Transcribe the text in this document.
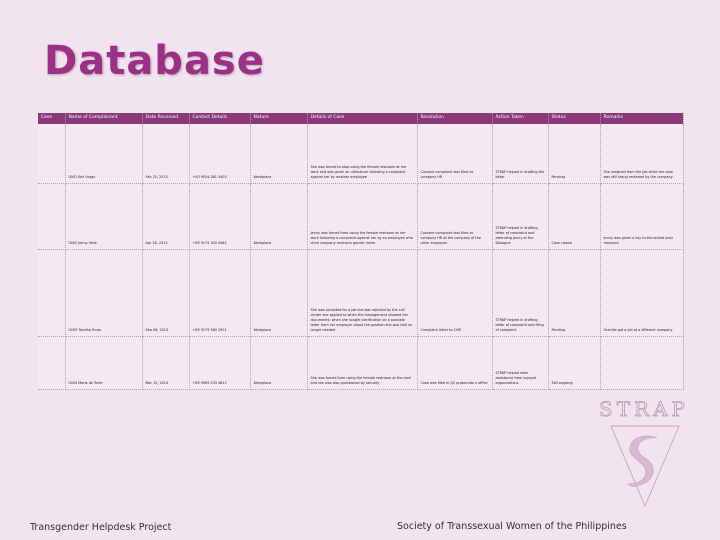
Database
Case	Name of Complainant	Date Received	Contact Details	Nature	Details of Case	Resolution	Action Taken	Status	Remarks
	0001 Bet Yvogs	Feb 25, 2013	+63 9054 081 5403	Workplace	She was forced to stop using the female restroom at her work and was given an ultimatum following a complaint against her by another employee	Consent complaint was filed at company HR	STRAP helped in drafting the letter	Pending	She resigned from the job while the case was still being reviewed by the company
	0002 Jenny Velix	Apr 18, 2013	+63 9175 340 4465	Workplace	Jenny was forced from using the female restroom at her work following a complaint against her by an employee who cited company restroom gender limits	Consent complaint was filed at company HR at the company of the other employee	STRAP helped in drafting letter of complaint and attending Jenny at the Dialogue	Case closed	Jenny was given a key to the locked pool restroom
	0003 Tannika Enzer	Sep 06, 2013	+63 9175 560 2901	Workplace	She was accepted for a job but was rejected by the call center she applied to when the management showed her documents; when she sought clarification on a possible letter from her employer about the position she was told no longer needed	Complaint letter to CHR	STRAP helped in drafting letter of complaint and filing of complaint	Pending	Grenilia got a job at a different company
	0004 Maria do Torre	Mar 15, 2014	+63 9069 233 4612	Workplace	She was forced from using the female restroom at the mall and she was also questioned by security	Case was filed in QC prosecutor's office	STRAP helped seek assistance from support organizations	Still ongoing	
STRAP
Transgender Helpdesk Project	Society of Transsexual Women of the Philippines
